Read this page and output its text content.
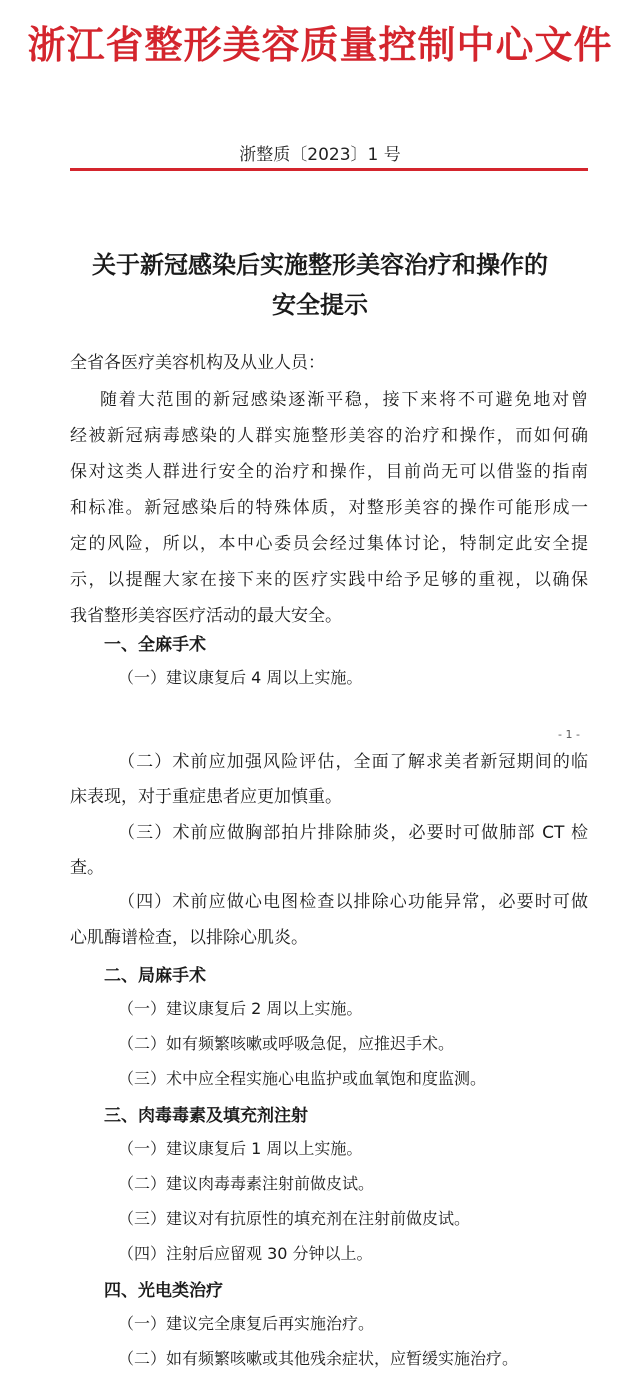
浙江省整形美容质量控制中心文件
浙整质〔2023〕1 号
关于新冠感染后实施整形美容治疗和操作的
安全提示
全省各医疗美容机构及从业人员：
随着大范围的新冠感染逐渐平稳，接下来将不可避免地对曾
经被新冠病毒感染的人群实施整形美容的治疗和操作，而如何确
保对这类人群进行安全的治疗和操作，目前尚无可以借鉴的指南
和标准。新冠感染后的特殊体质，对整形美容的操作可能形成一
定的风险，所以，本中心委员会经过集体讨论，特制定此安全提
示，以提醒大家在接下来的医疗实践中给予足够的重视，以确保
我省整形美容医疗活动的最大安全。
一、全麻手术
（一）建议康复后 4 周以上实施。
- 1 -
（二）术前应加强风险评估，全面了解求美者新冠期间的临
床表现，对于重症患者应更加慎重。
（三）术前应做胸部拍片排除肺炎，必要时可做肺部 CT 检
查。
（四）术前应做心电图检查以排除心功能异常，必要时可做
心肌酶谱检查，以排除心肌炎。
二、局麻手术
（一）建议康复后 2 周以上实施。
（二）如有频繁咳嗽或呼吸急促，应推迟手术。
（三）术中应全程实施心电监护或血氧饱和度监测。
三、肉毒毒素及填充剂注射
（一）建议康复后 1 周以上实施。
（二）建议肉毒毒素注射前做皮试。
（三）建议对有抗原性的填充剂在注射前做皮试。
（四）注射后应留观 30 分钟以上。
四、光电类治疗
（一）建议完全康复后再实施治疗。
（二）如有频繁咳嗽或其他残余症状，应暂缓实施治疗。
